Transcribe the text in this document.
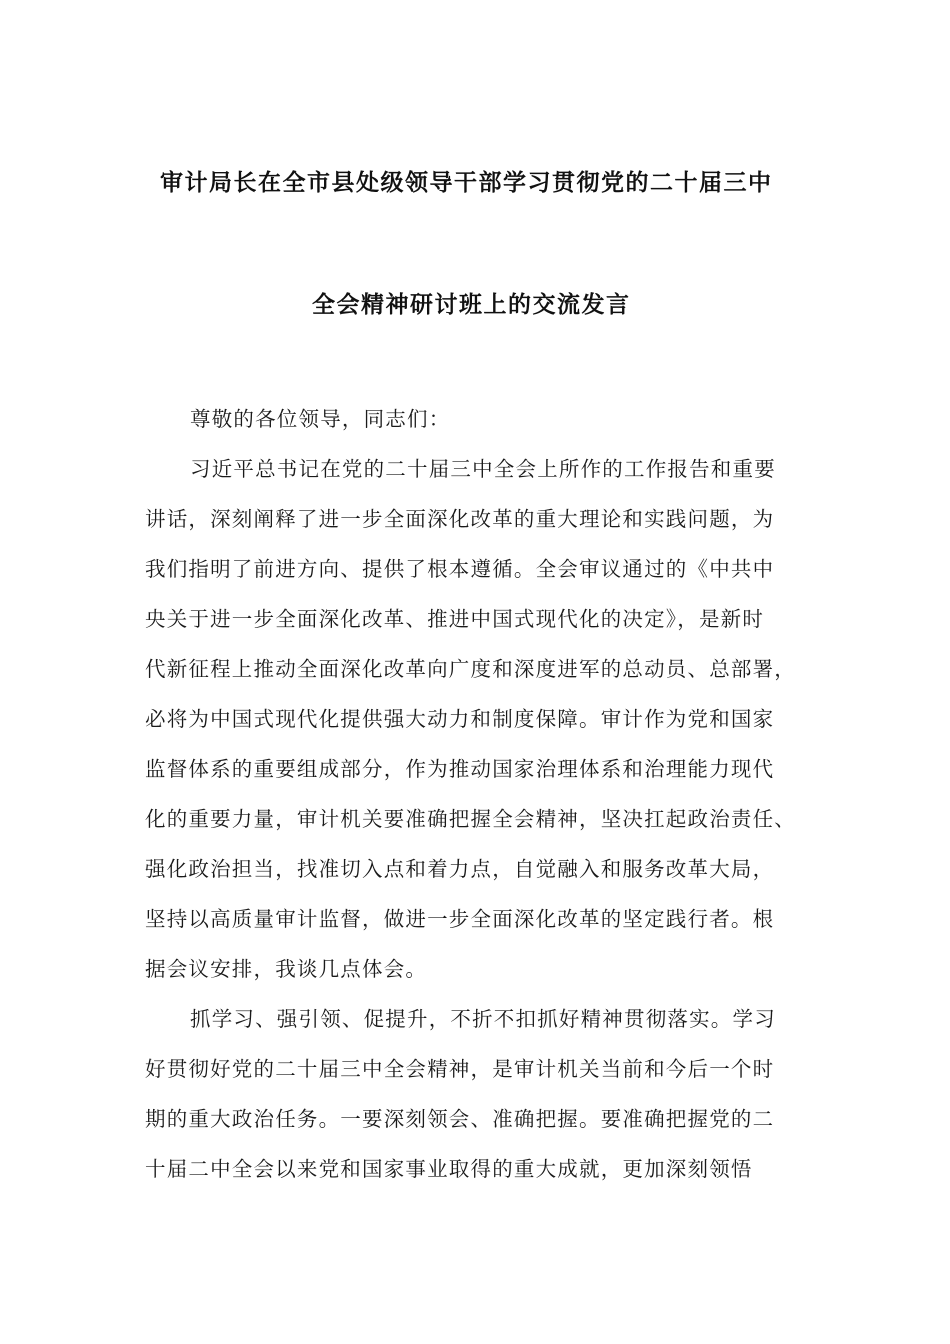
审计局长在全市县处级领导干部学习贯彻党的二十届三中
全会精神研讨班上的交流发言
尊敬的各位领导，同志们：
习近平总书记在党的二十届三中全会上所作的工作报告和重要
讲话，深刻阐释了进一步全面深化改革的重大理论和实践问题，为
我们指明了前进方向、提供了根本遵循。全会审议通过的《中共中
央关于进一步全面深化改革、推进中国式现代化的决定》，是新时
代新征程上推动全面深化改革向广度和深度进军的总动员、总部署，
必将为中国式现代化提供强大动力和制度保障。审计作为党和国家
监督体系的重要组成部分，作为推动国家治理体系和治理能力现代
化的重要力量，审计机关要准确把握全会精神，坚决扛起政治责任、
强化政治担当，找准切入点和着力点，自觉融入和服务改革大局，
坚持以高质量审计监督，做进一步全面深化改革的坚定践行者。根
据会议安排，我谈几点体会。
抓学习、强引领、促提升，不折不扣抓好精神贯彻落实。学习
好贯彻好党的二十届三中全会精神，是审计机关当前和今后一个时
期的重大政治任务。一要深刻领会、准确把握。要准确把握党的二
十届二中全会以来党和国家事业取得的重大成就，更加深刻领悟
